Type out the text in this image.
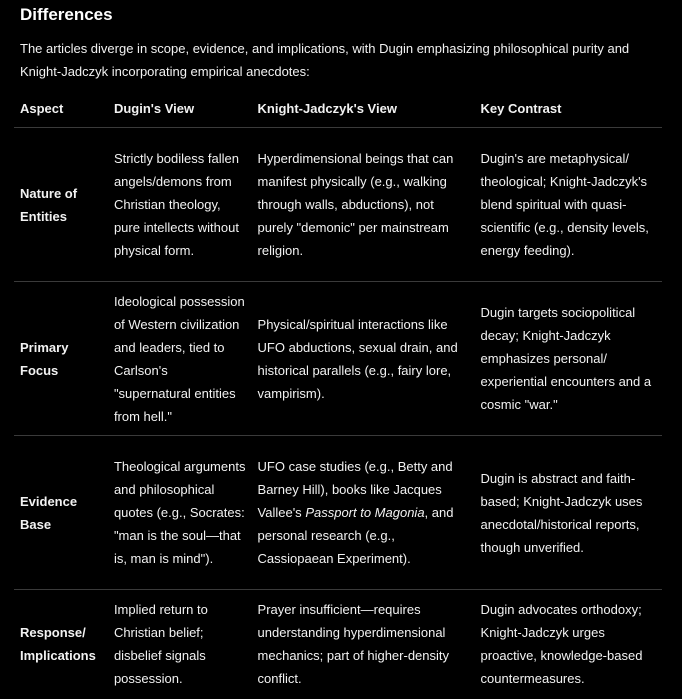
Differences
The articles diverge in scope, evidence, and implications, with Dugin emphasizing philosophical purity and Knight-Jadczyk incorporating empirical anecdotes:
Aspect	Dugin's View	Knight-Jadczyk's View	Key Contrast
Nature of Entities	Strictly bodiless fallen angels/demons from Christian theology, pure intellects without physical form.	Hyperdimensional beings that can manifest physically (e.g., walking through walls, abductions), not purely "demonic" per mainstream religion.	Dugin's are metaphysical/ theological; Knight-Jadczyk's blend spiritual with quasi-scientific (e.g., density levels, energy feeding).
Primary Focus	Ideological possession of Western civilization and leaders, tied to Carlson's "supernatural entities from hell."	Physical/spiritual interactions like UFO abductions, sexual drain, and historical parallels (e.g., fairy lore, vampirism).	Dugin targets sociopolitical decay; Knight-Jadczyk emphasizes personal/ experiential encounters and a cosmic "war."
Evidence Base	Theological arguments and philosophical quotes (e.g., Socrates: "man is the soul—that is, man is mind").	UFO case studies (e.g., Betty and Barney Hill), books like Jacques Vallee's Passport to Magonia, and personal research (e.g., Cassiopaean Experiment).	Dugin is abstract and faith-based; Knight-Jadczyk uses anecdotal/historical reports, though unverified.
Response/ Implications	Implied return to Christian belief; disbelief signals possession.	Prayer insufficient—requires understanding hyperdimensional mechanics; part of higher-density conflict.	Dugin advocates orthodoxy; Knight-Jadczyk urges proactive, knowledge-based countermeasures.
